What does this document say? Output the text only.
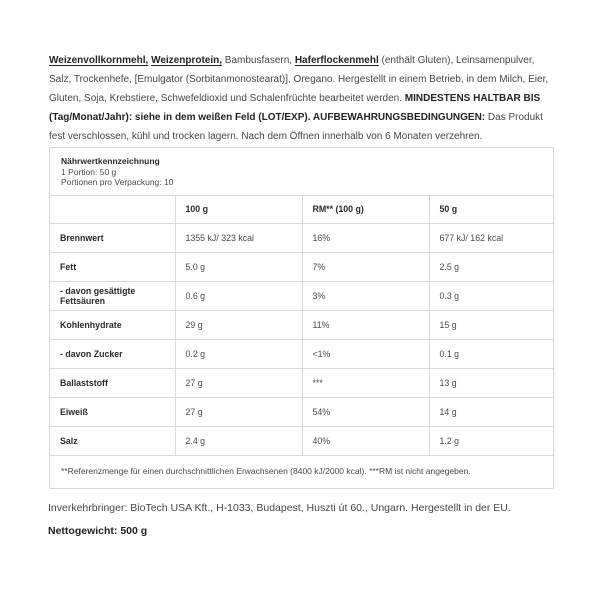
Weizenvollkornmehl, Weizenprotein, Bambusfasern, Haferflockenmehl (enthält Gluten), Leinsamenpulver, Salz, Trockenhefe, [Emulgator (Sorbitanmonostearat)], Oregano. Hergestellt in einem Betrieb, in dem Milch, Eier, Gluten, Soja, Krebstiere, Schwefeldioxid und Schalenfrüchte bearbeitet werden. MINDESTENS HALTBAR BIS (Tag/Monat/Jahr): siehe in dem weißen Feld (LOT/EXP). AUFBEWAHRUNGSBEDINGUNGEN: Das Produkt fest verschlossen, kühl und trocken lagern. Nach dem Öffnen innerhalb von 6 Monaten verzehren.

Nährwertkennzeichnung
1 Portion: 50 g
Portionen pro Verpackung: 10
	100 g	RM** (100 g)	50 g
Brennwert	1355 kJ/ 323 kcal	16%	677 kJ/ 162 kcal
Fett	5.0 g	7%	2.5 g
- davon gesättigte Fettsäuren	0.6 g	3%	0.3 g
Kohlenhydrate	29 g	11%	15 g
- davon Zucker	0.2 g	<1%	0.1 g
Ballaststoff	27 g	***	13 g
Eiweiß	27 g	54%	14 g
Salz	2.4 g	40%	1.2 g
**Referenzmenge für einen durchschnittlichen Erwachsenen (8400 kJ/2000 kcal). ***RM ist nicht angegeben.

Inverkehrbringer: BioTech USA Kft., H-1033, Budapest, Huszti út 60., Ungarn. Hergestellt in der EU.

Nettogewicht: 500 g
